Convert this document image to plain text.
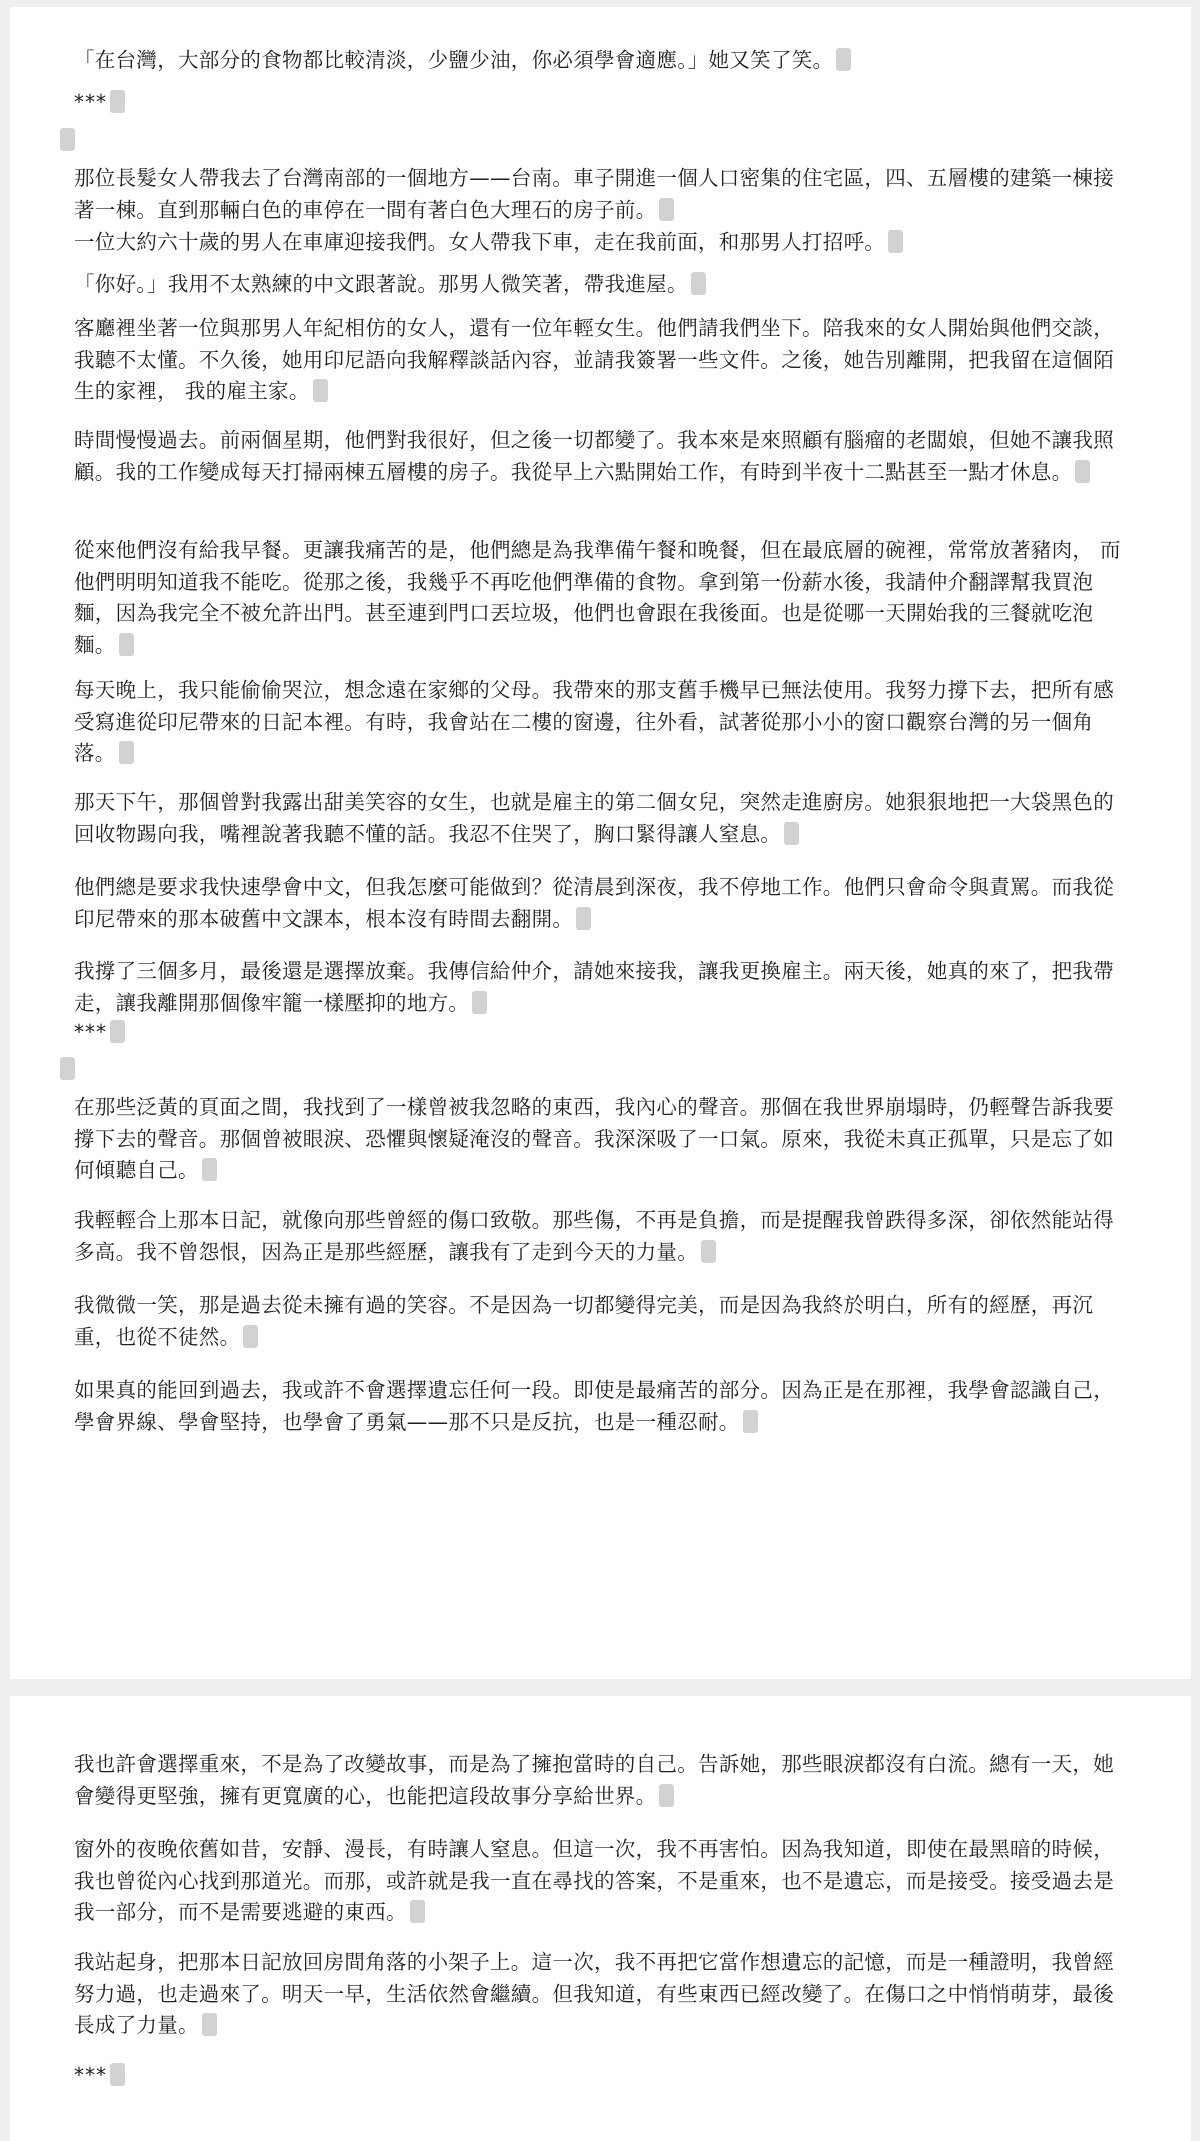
「在台灣，大部分的食物都比較清淡，少鹽少油，你必須學會適應。」她又笑了笑。

***

那位長髮女人帶我去了台灣南部的一個地方——台南。車子開進一個人口密集的住宅區，四、五層樓的建築一棟接著一棟。直到那輛白色的車停在一間有著白色大理石的房子前。

一位大約六十歲的男人在車庫迎接我們。女人帶我下車，走在我前面，和那男人打招呼。

「你好。」我用不太熟練的中文跟著說。那男人微笑著，帶我進屋。

客廳裡坐著一位與那男人年紀相仿的女人，還有一位年輕女生。他們請我們坐下。陪我來的女人開始與他們交談，我聽不太懂。不久後，她用印尼語向我解釋談話內容，並請我簽署一些文件。之後，她告別離開，把我留在這個陌生的家裡， 我的雇主家。

時間慢慢過去。前兩個星期，他們對我很好，但之後一切都變了。我本來是來照顧有腦瘤的老闆娘，但她不讓我照顧。我的工作變成每天打掃兩棟五層樓的房子。我從早上六點開始工作，有時到半夜十二點甚至一點才休息。

從來他們沒有給我早餐。更讓我痛苦的是，他們總是為我準備午餐和晚餐，但在最底層的碗裡，常常放著豬肉， 而他們明明知道我不能吃。從那之後，我幾乎不再吃他們準備的食物。拿到第一份薪水後，我請仲介翻譯幫我買泡麵，因為我完全不被允許出門。甚至連到門口丟垃圾，他們也會跟在我後面。也是從哪一天開始我的三餐就吃泡麵。

每天晚上，我只能偷偷哭泣，想念遠在家鄉的父母。我帶來的那支舊手機早已無法使用。我努力撐下去，把所有感受寫進從印尼帶來的日記本裡。有時，我會站在二樓的窗邊，往外看，試著從那小小的窗口觀察台灣的另一個角落。

那天下午，那個曾對我露出甜美笑容的女生，也就是雇主的第二個女兒，突然走進廚房。她狠狠地把一大袋黑色的回收物踢向我，嘴裡說著我聽不懂的話。我忍不住哭了，胸口緊得讓人窒息。

他們總是要求我快速學會中文，但我怎麼可能做到？從清晨到深夜，我不停地工作。他們只會命令與責罵。而我從印尼帶來的那本破舊中文課本，根本沒有時間去翻開。

我撐了三個多月，最後還是選擇放棄。我傳信給仲介，請她來接我，讓我更換雇主。兩天後，她真的來了，把我帶走，讓我離開那個像牢籠一樣壓抑的地方。

***

在那些泛黃的頁面之間，我找到了一樣曾被我忽略的東西，我內心的聲音。那個在我世界崩塌時，仍輕聲告訴我要撐下去的聲音。那個曾被眼淚、恐懼與懷疑淹沒的聲音。我深深吸了一口氣。原來，我從未真正孤單，只是忘了如何傾聽自己。

我輕輕合上那本日記，就像向那些曾經的傷口致敬。那些傷，不再是負擔，而是提醒我曾跌得多深，卻依然能站得多高。我不曾怨恨，因為正是那些經歷，讓我有了走到今天的力量。

我微微一笑，那是過去從未擁有過的笑容。不是因為一切都變得完美，而是因為我終於明白，所有的經歷，再沉重，也從不徒然。

如果真的能回到過去，我或許不會選擇遺忘任何一段。即使是最痛苦的部分。因為正是在那裡，我學會認識自己，學會界線、學會堅持，也學會了勇氣——那不只是反抗，也是一種忍耐。

我也許會選擇重來，不是為了改變故事，而是為了擁抱當時的自己。告訴她，那些眼淚都沒有白流。總有一天，她會變得更堅強，擁有更寬廣的心，也能把這段故事分享給世界。

窗外的夜晚依舊如昔，安靜、漫長，有時讓人窒息。但這一次，我不再害怕。因為我知道，即使在最黑暗的時候，我也曾從內心找到那道光。而那，或許就是我一直在尋找的答案，不是重來，也不是遺忘，而是接受。接受過去是我一部分，而不是需要逃避的東西。

我站起身，把那本日記放回房間角落的小架子上。這一次，我不再把它當作想遺忘的記憶，而是一種證明，我曾經努力過，也走過來了。明天一早，生活依然會繼續。但我知道，有些東西已經改變了。在傷口之中悄悄萌芽，最後長成了力量。

***
